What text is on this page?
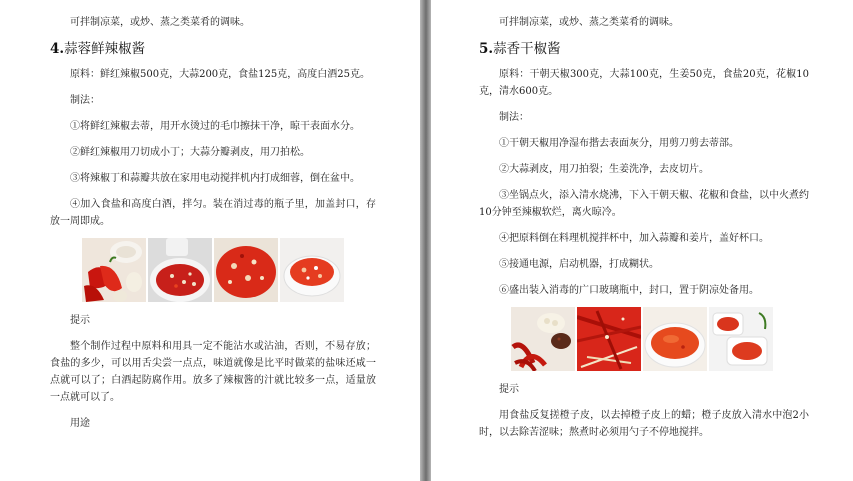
可拌制凉菜，或炒、蒸之类菜肴的调味。

4.蒜蓉鲜辣椒酱

原料：鲜红辣椒500克，大蒜200克，食盐125克，高度白酒25克。

制法：

①将鲜红辣椒去蒂，用开水烫过的毛巾擦抹干净，晾干表面水分。

②鲜红辣椒用刀切成小丁；大蒜分瓣剥皮，用刀拍松。

③将辣椒丁和蒜瓣共放在家用电动搅拌机内打成细蓉，倒在盆中。

④加入食盐和高度白酒，拌匀。装在消过毒的瓶子里，加盖封口，存放一周即成。

提示

整个制作过程中原料和用具一定不能沾水或沾油，否则，不易存放；食盐的多少，可以用舌尖尝一点点，味道就像是比平时做菜的盐味还咸一点就可以了；白酒起防腐作用。放多了辣椒酱的汁就比较多一点，适量放一点就可以了。

用途

可拌制凉菜，或炒、蒸之类菜肴的调味。

5.蒜香干椒酱

原料：干朝天椒300克，大蒜100克，生姜50克，食盐20克，花椒10克，清水600克。

制法：

①干朝天椒用净湿布揩去表面灰分，用剪刀剪去蒂部。

②大蒜剥皮，用刀拍裂；生姜洗净，去皮切片。

③坐锅点火，添入清水烧沸，下入干朝天椒、花椒和食盐，以中火煮约10分钟至辣椒软烂，离火晾冷。

④把原料倒在料理机搅拌杯中，加入蒜瓣和姜片，盖好杯口。

⑤接通电源，启动机器，打成糊状。

⑥盛出装入消毒的广口玻璃瓶中，封口，置于阴凉处备用。

提示

用食盐反复搓橙子皮，以去掉橙子皮上的蜡；橙子皮放入清水中泡2小时，以去除苦涩味；熬煮时必须用勺子不停地搅拌。
